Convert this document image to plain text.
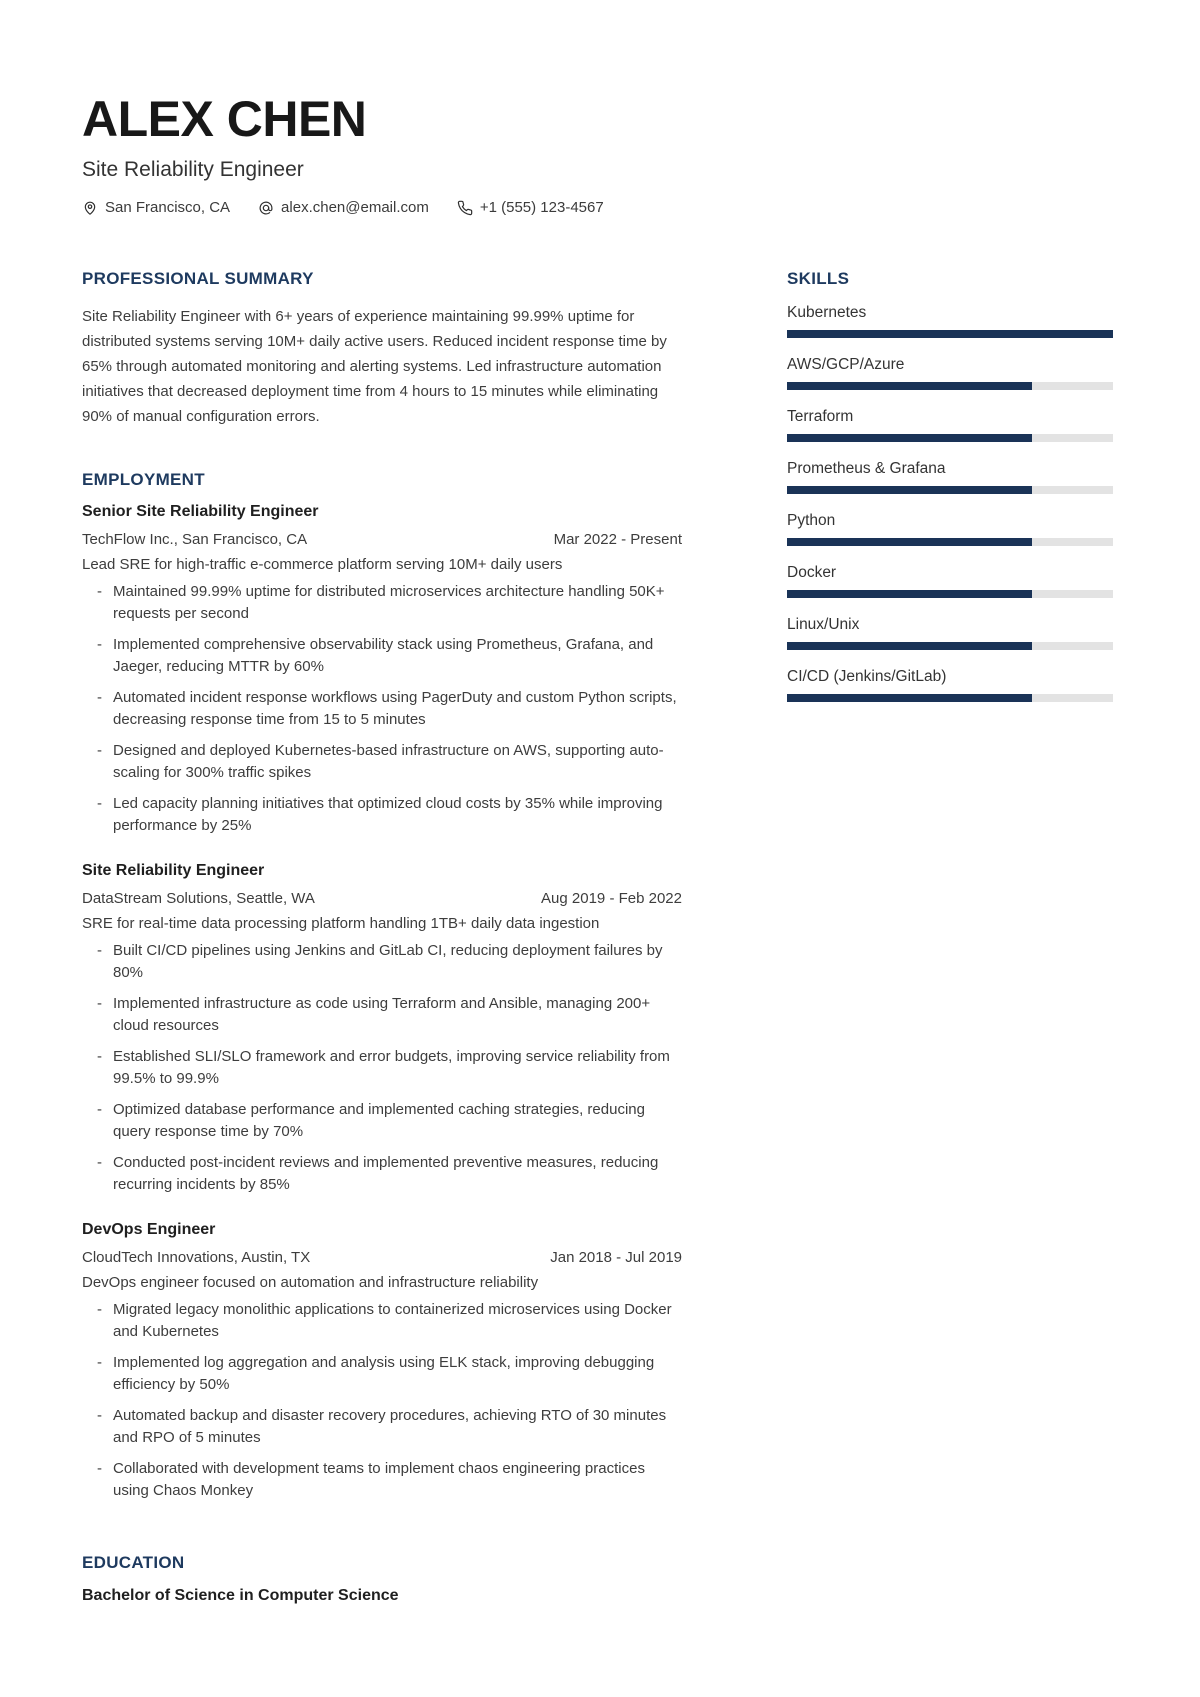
ALEX CHEN

Site Reliability Engineer

San Francisco, CA	alex.chen@email.com	+1 (555) 123-4567
PROFESSIONAL SUMMARY

Site Reliability Engineer with 6+ years of experience maintaining 99.99% uptime for distributed systems serving 10M+ daily active users. Reduced incident response time by 65% through automated monitoring and alerting systems. Led infrastructure automation initiatives that decreased deployment time from 4 hours to 15 minutes while eliminating 90% of manual configuration errors.

EMPLOYMENT
Senior Site Reliability Engineer
TechFlow Inc., San Francisco, CA	Mar 2022 - Present

Lead SRE for high-traffic e-commerce platform serving 10M+ daily users

- Maintained 99.99% uptime for distributed microservices architecture handling 50K+ requests per second
- Implemented comprehensive observability stack using Prometheus, Grafana, and Jaeger, reducing MTTR by 60%
- Automated incident response workflows using PagerDuty and custom Python scripts, decreasing response time from 15 to 5 minutes
- Designed and deployed Kubernetes-based infrastructure on AWS, supporting auto-scaling for 300% traffic spikes
- Led capacity planning initiatives that optimized cloud costs by 35% while improving performance by 25%
Site Reliability Engineer
DataStream Solutions, Seattle, WA	Aug 2019 - Feb 2022

SRE for real-time data processing platform handling 1TB+ daily data ingestion

- Built CI/CD pipelines using Jenkins and GitLab CI, reducing deployment failures by 80%
- Implemented infrastructure as code using Terraform and Ansible, managing 200+ cloud resources
- Established SLI/SLO framework and error budgets, improving service reliability from 99.5% to 99.9%
- Optimized database performance and implemented caching strategies, reducing query response time by 70%
- Conducted post-incident reviews and implemented preventive measures, reducing recurring incidents by 85%
DevOps Engineer
CloudTech Innovations, Austin, TX	Jan 2018 - Jul 2019

DevOps engineer focused on automation and infrastructure reliability

- Migrated legacy monolithic applications to containerized microservices using Docker and Kubernetes
- Implemented log aggregation and analysis using ELK stack, improving debugging efficiency by 50%
- Automated backup and disaster recovery procedures, achieving RTO of 30 minutes and RPO of 5 minutes
- Collaborated with development teams to implement chaos engineering practices using Chaos Monkey
EDUCATION

Bachelor of Science in Computer Science

SKILLS
Kubernetes
AWS/GCP/Azure
Terraform
Prometheus & Grafana
Python
Docker
Linux/Unix
CI/CD (Jenkins/GitLab)
